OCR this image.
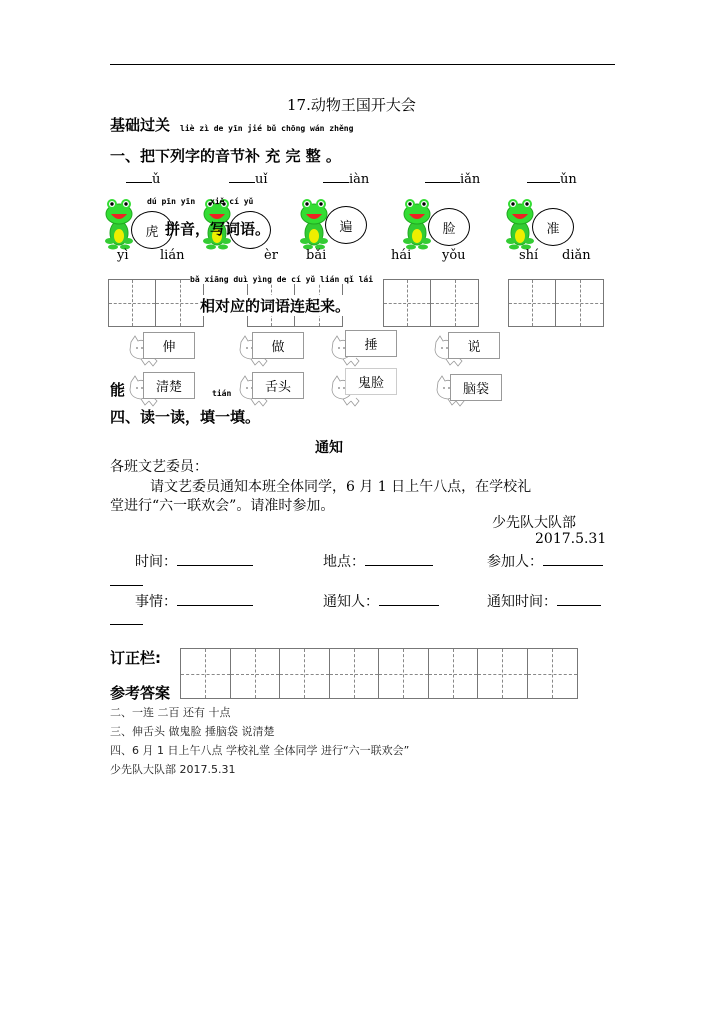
17.动物王国开大会
基础过关 liè zì de yīn jié bǔ chōng wán zhěng
一、把下列字的音节补 充 完 整 。
ǔ	uǐ	iàn	iǎn	ǔn
虎	遍	脸	准
dú pīn yīn xiě cí yǔ
拼音，写词语。
yì lián	èr bǎi	hái yǒu	shí diǎn
bǎ xiāng duì yìng de cí yǔ lián qǐ lái
相对应的词语连起来。
伸	做	捶	说
清楚	舌头	鬼脸	脑袋
能	tián
四、读一读，填一填。
通知
各班文艺委员：
请文艺委员通知本班全体同学，6 月 1 日上午八点，在学校礼
堂进行“六一联欢会”。请准时参加。
少先队大队部
2017.5.31
时间：	地点：	参加人：
事情：	通知人：	通知时间：
订正栏:
参考答案
二、一连 二百 还有 十点
三、伸舌头 做鬼脸 捶脑袋 说清楚
四、6 月 1 日上午八点 学校礼堂 全体同学 进行“六一联欢会”
少先队大队部 2017.5.31
